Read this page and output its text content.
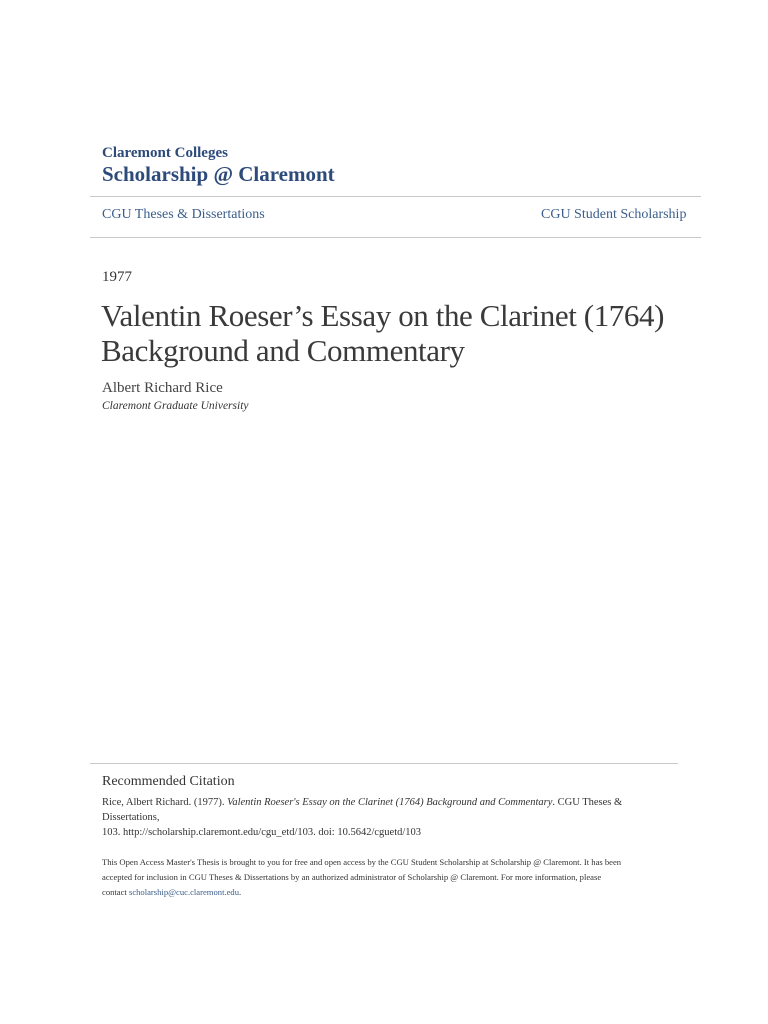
Claremont Colleges
Scholarship @ Claremont
CGU Theses & Dissertations	CGU Student Scholarship
1977
Valentin Roeser’s Essay on the Clarinet (1764)
Background and Commentary
Albert Richard Rice
Claremont Graduate University
Recommended Citation
Rice, Albert Richard. (1977). Valentin Roeser's Essay on the Clarinet (1764) Background and Commentary. CGU Theses & Dissertations,
103. http://scholarship.claremont.edu/cgu_etd/103. doi: 10.5642/cguetd/103
This Open Access Master's Thesis is brought to you for free and open access by the CGU Student Scholarship at Scholarship @ Claremont. It has been
accepted for inclusion in CGU Theses & Dissertations by an authorized administrator of Scholarship @ Claremont. For more information, please
contact scholarship@cuc.claremont.edu.
